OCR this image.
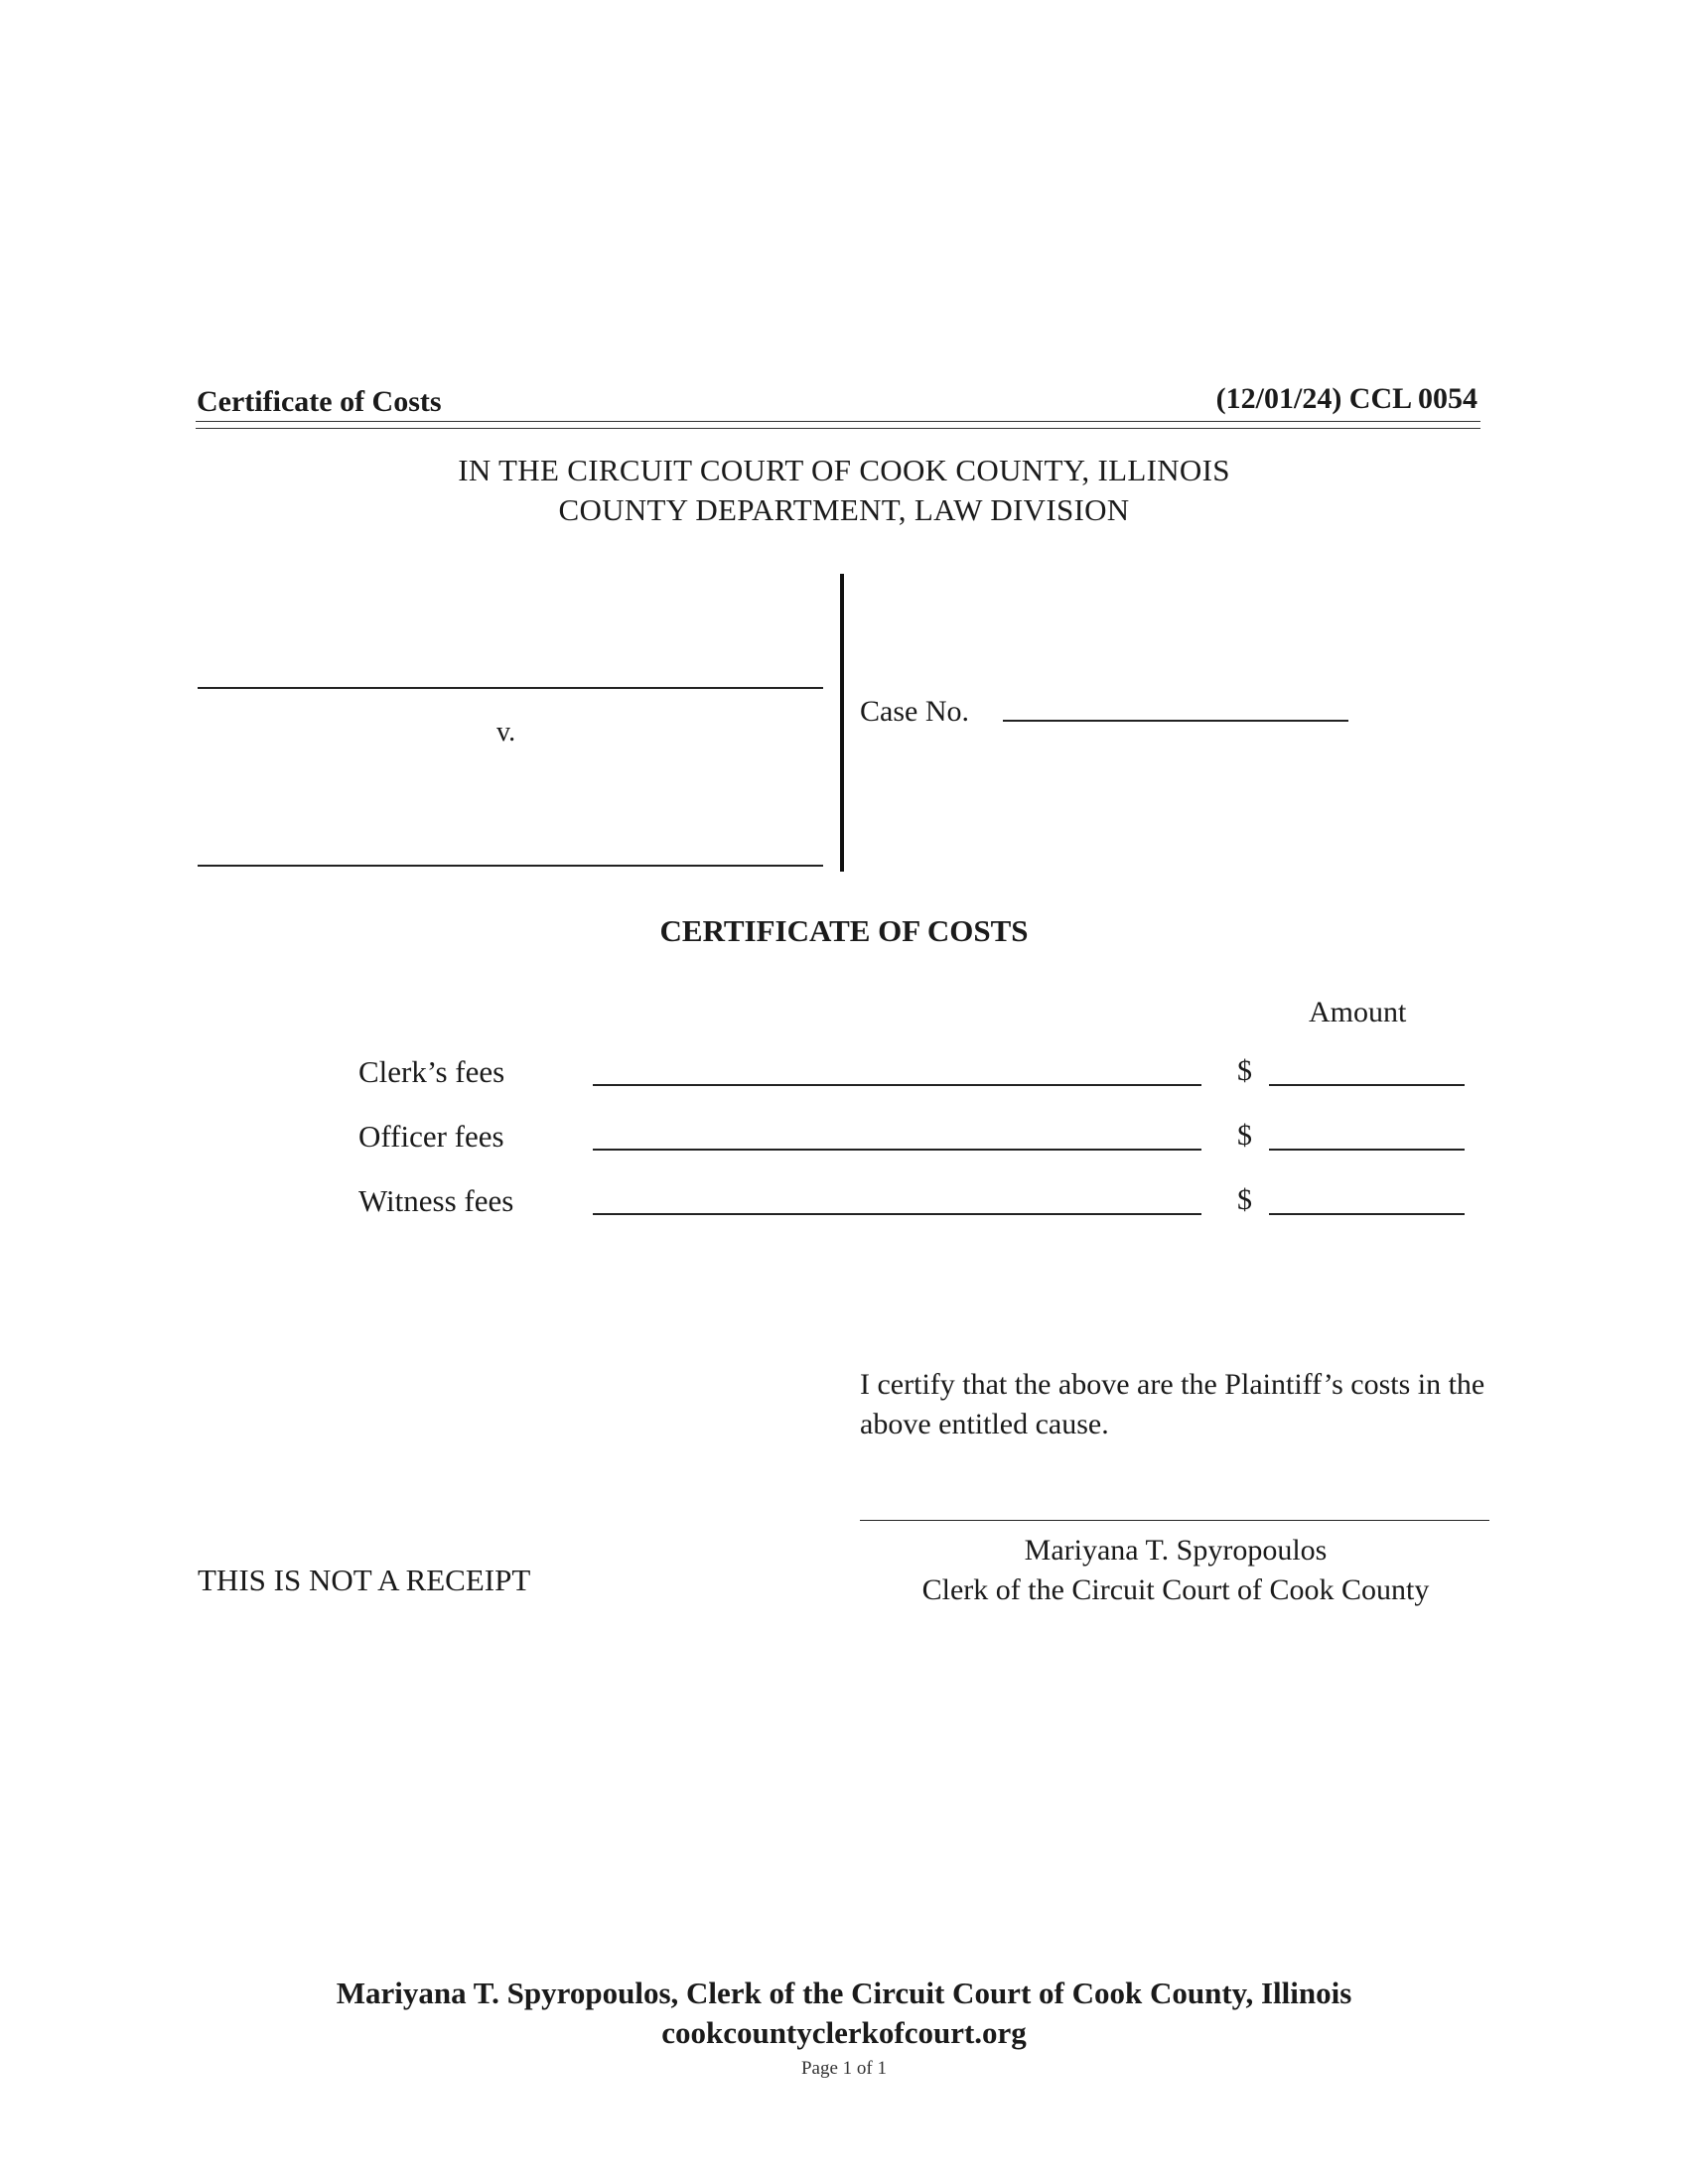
Certificate of Costs	(12/01/24) CCL 0054
IN THE CIRCUIT COURT OF COOK COUNTY, ILLINOIS
COUNTY DEPARTMENT, LAW DIVISION
v.
Case No.
CERTIFICATE OF COSTS
Amount
Clerk’s fees	$
Officer fees	$
Witness fees	$
I certify that the above are the Plaintiff’s costs in the above entitled cause.
Mariyana T. Spyropoulos
Clerk of the Circuit Court of Cook County
THIS IS NOT A RECEIPT
Mariyana T. Spyropoulos, Clerk of the Circuit Court of Cook County, Illinois
cookcountyclerkofcourt.org
Page 1 of 1
